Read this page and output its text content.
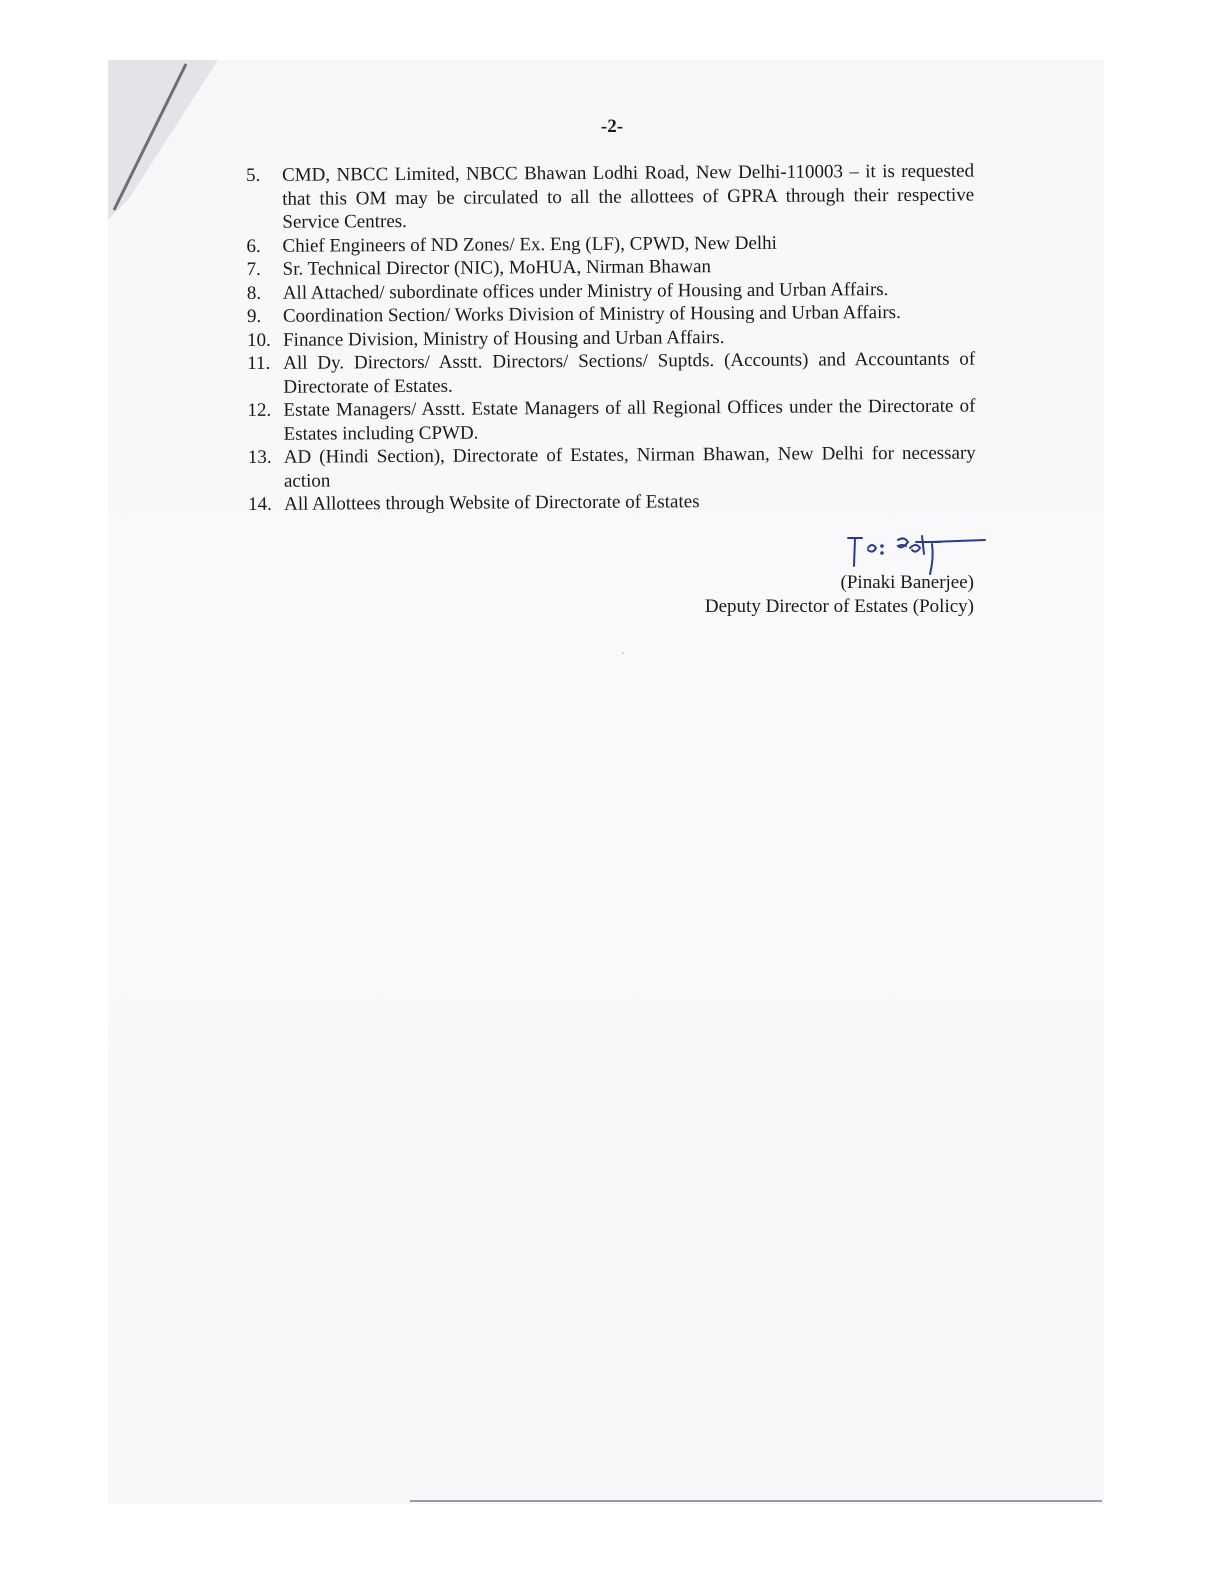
-2-
5.	CMD, NBCC Limited, NBCC Bhawan Lodhi Road, New Delhi-110003 – it is requested that this OM may be circulated to all the allottees of GPRA through their respective Service Centres.
6.	Chief Engineers of ND Zones/ Ex. Eng (LF), CPWD, New Delhi
7.	Sr. Technical Director (NIC), MoHUA, Nirman Bhawan
8.	All Attached/ subordinate offices under Ministry of Housing and Urban Affairs.
9.	Coordination Section/ Works Division of Ministry of Housing and Urban Affairs.
10. Finance Division, Ministry of Housing and Urban Affairs.
11. All Dy. Directors/ Asstt. Directors/ Sections/ Suptds. (Accounts) and Accountants of Directorate of Estates.
12. Estate Managers/ Asstt. Estate Managers of all Regional Offices under the Directorate of Estates including CPWD.
13. AD (Hindi Section), Directorate of Estates, Nirman Bhawan, New Delhi for necessary action
14. All Allottees through Website of Directorate of Estates
(Pinaki Banerjee)
Deputy Director of Estates (Policy)
